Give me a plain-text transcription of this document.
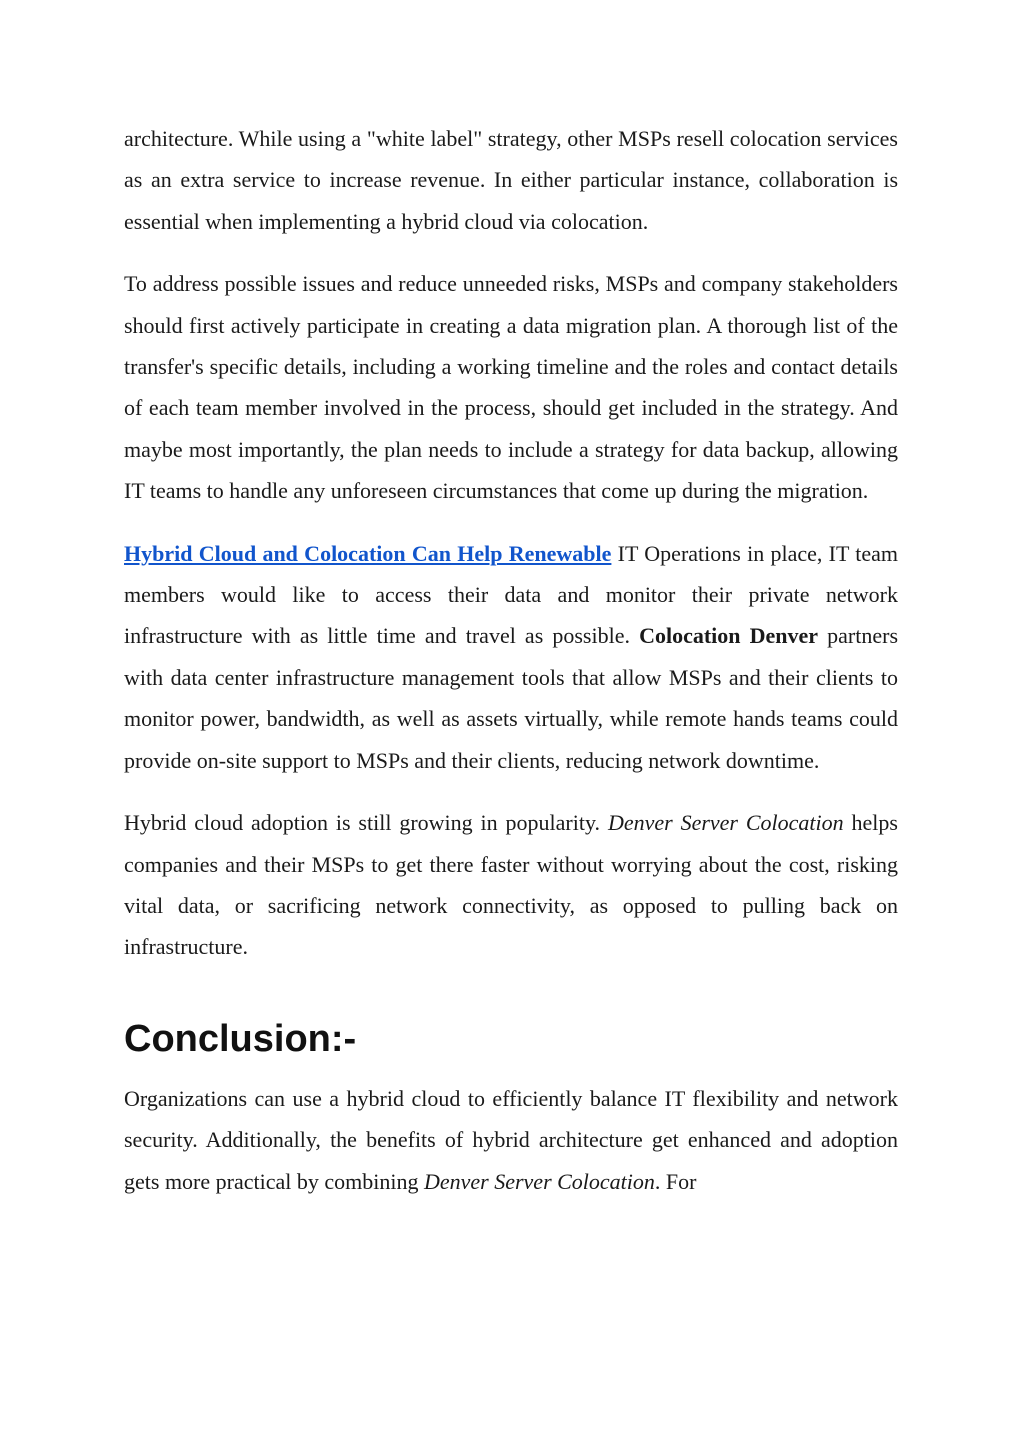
architecture. While using a "white label" strategy, other MSPs resell colocation services as an extra service to increase revenue. In either particular instance, collaboration is essential when implementing a hybrid cloud via colocation.

To address possible issues and reduce unneeded risks, MSPs and company stakeholders should first actively participate in creating a data migration plan. A thorough list of the transfer's specific details, including a working timeline and the roles and contact details of each team member involved in the process, should get included in the strategy. And maybe most importantly, the plan needs to include a strategy for data backup, allowing IT teams to handle any unforeseen circumstances that come up during the migration.

Hybrid Cloud and Colocation Can Help Renewable IT Operations in place, IT team members would like to access their data and monitor their private network infrastructure with as little time and travel as possible. Colocation Denver partners with data center infrastructure management tools that allow MSPs and their clients to monitor power, bandwidth, as well as assets virtually, while remote hands teams could provide on-site support to MSPs and their clients, reducing network downtime.

Hybrid cloud adoption is still growing in popularity. Denver Server Colocation helps companies and their MSPs to get there faster without worrying about the cost, risking vital data, or sacrificing network connectivity, as opposed to pulling back on infrastructure.

Conclusion:-

Organizations can use a hybrid cloud to efficiently balance IT flexibility and network security. Additionally, the benefits of hybrid architecture get enhanced and adoption gets more practical by combining Denver Server Colocation. For
